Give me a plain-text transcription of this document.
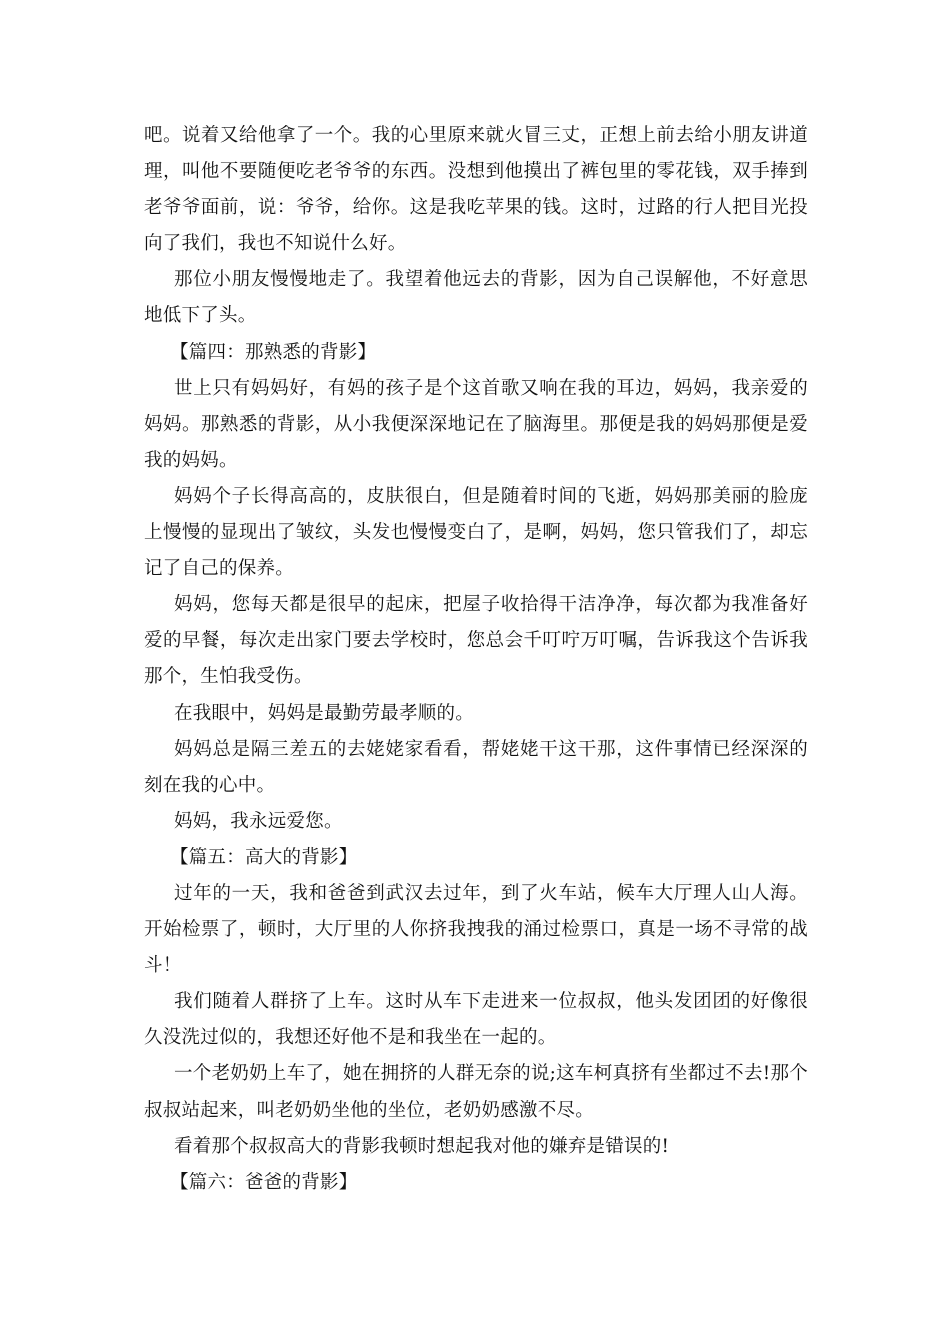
吧。说着又给他拿了一个。我的心里原来就火冒三丈，正想上前去给小朋友讲道理，叫他不要随便吃老爷爷的东西。没想到他摸出了裤包里的零花钱，双手捧到老爷爷面前，说：爷爷，给你。这是我吃苹果的钱。这时，过路的行人把目光投向了我们，我也不知说什么好。

那位小朋友慢慢地走了。我望着他远去的背影，因为自己误解他，不好意思地低下了头。

【篇四：那熟悉的背影】

世上只有妈妈好，有妈的孩子是个这首歌又响在我的耳边，妈妈，我亲爱的妈妈。那熟悉的背影，从小我便深深地记在了脑海里。那便是我的妈妈那便是爱我的妈妈。

妈妈个子长得高高的，皮肤很白，但是随着时间的飞逝，妈妈那美丽的脸庞上慢慢的显现出了皱纹，头发也慢慢变白了，是啊，妈妈，您只管我们了，却忘记了自己的保养。

妈妈，您每天都是很早的起床，把屋子收拾得干洁净净，每次都为我准备好爱的早餐，每次走出家门要去学校时，您总会千叮咛万叮嘱，告诉我这个告诉我那个，生怕我受伤。

在我眼中，妈妈是最勤劳最孝顺的。

妈妈总是隔三差五的去姥姥家看看，帮姥姥干这干那，这件事情已经深深的刻在我的心中。

妈妈，我永远爱您。

【篇五：高大的背影】

过年的一天，我和爸爸到武汉去过年，到了火车站，候车大厅理人山人海。开始检票了，顿时，大厅里的人你挤我拽我的涌过检票口，真是一场不寻常的战斗！

我们随着人群挤了上车。这时从车下走进来一位叔叔，他头发团团的好像很久没洗过似的，我想还好他不是和我坐在一起的。

一个老奶奶上车了，她在拥挤的人群无奈的说;这车柯真挤有坐都过不去!那个叔叔站起来，叫老奶奶坐他的坐位，老奶奶感激不尽。

看着那个叔叔高大的背影我顿时想起我对他的嫌弃是错误的!

【篇六：爸爸的背影】
